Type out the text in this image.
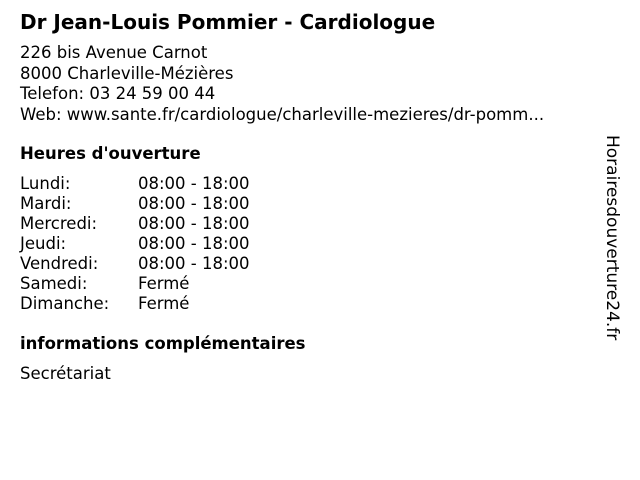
Dr Jean-Louis Pommier - Cardiologue
226 bis Avenue Carnot
8000 Charleville-Mézières
Telefon: 03 24 59 00 44
Web: www.sante.fr/cardiologue/charleville-mezieres/dr-pomm...
Heures d'ouverture
Lundi:	08:00 - 18:00
Mardi:	08:00 - 18:00
Mercredi: 08:00 - 18:00
Jeudi:	08:00 - 18:00
Vendredi: 08:00 - 18:00
Samedi:	Fermé
Dimanche: Fermé
informations complémentaires
Secrétariat
Horairesdouverture24.fr
